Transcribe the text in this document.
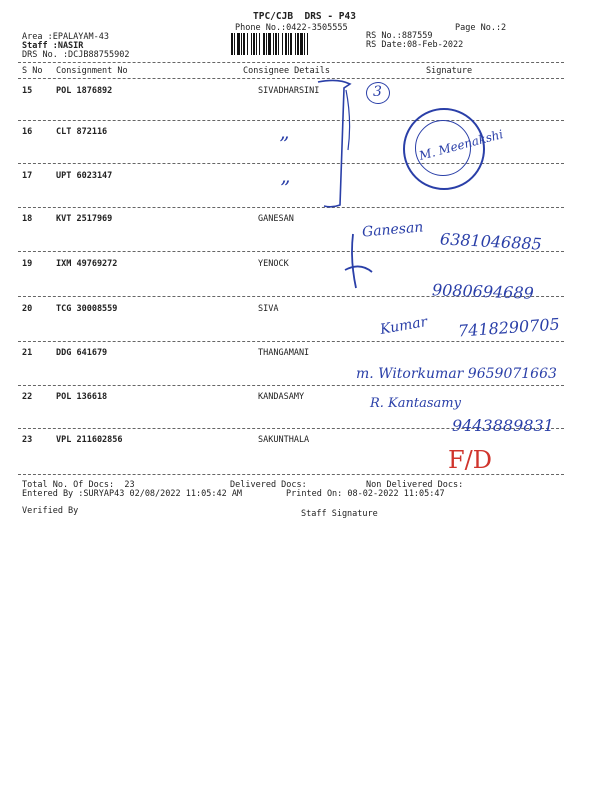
TPC/CJB  DRS - P43
Phone No.:0422-3505555	Page No.:2
Area :EPALAYAM-43
Staff :NASIR
DRS No. :DCJB88755902
RS No.:887559
RS Date:08-Feb-2022
S No Consignment No	Consignee Details	Signature
15	POL 1876892	SIVADHARSINI
16	CLT 872116
17	UPT 6023147
18	KVT 2517969	GANESAN
19	IXM 49769272	YENOCK
20	TCG 30008559	SIVA
21	DDG 641679	THANGAMANI
22	POL 136618	KANDASAMY
23	VPL 211602856	SAKUNTHALA
Total No. Of Docs:  23	Delivered Docs:	Non Delivered Docs:
Entered By :SURYAP43 02/08/2022 11:05:42 AM	Printed On: 08-02-2022 11:05:47
Verified By	Staff Signature
3
”
”
M. Meenakshi
Ganesan 6381046885
9080694689
Kumar 7418290705
m. Witorkumar 9659071663
R. Kantasamy
9443889831
F/D
